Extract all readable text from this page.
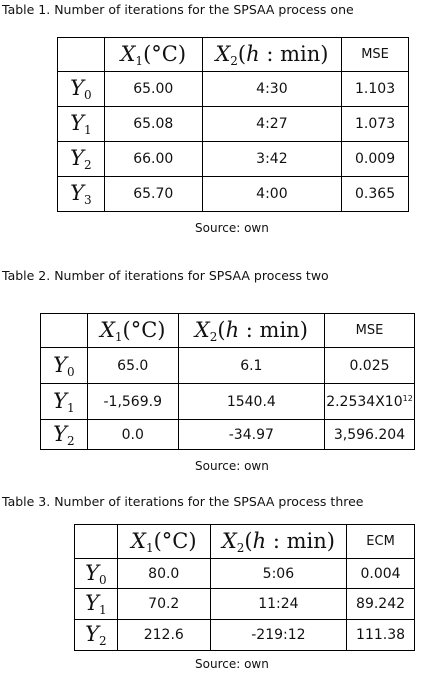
Table 1. Number of iterations for the SPSAA process one
	$X_1(^\circ C)$	$X_2(h$ : min)	MSE
$Y_0$	65.00	4:30	1.103
$Y_1$	65.08	4:27	1.073
$Y_2$	66.00	3:42	0.009
$Y_3$	65.70	4:00	0.365
Source: own
Table 2. Number of iterations for SPSAA process two
	$X_1(^\circ C)$	$X_2(h$ : min)	MSE
$Y_0$	65.0	6.1	0.025
$Y_1$	-1,569.9	1540.4	$2.2534X10^{12}$
$Y_2$	0.0	-34.97	3,596.204
Source: own
Table 3. Number of iterations for the SPSAA process three
	$X_1(^\circ C)$	$X_2(h$ : min)	ECM
$Y_0$	80.0	5:06	0.004
$Y_1$	70.2	11:24	89.242
$Y_2$	212.6	-219:12	111.38
Source: own
